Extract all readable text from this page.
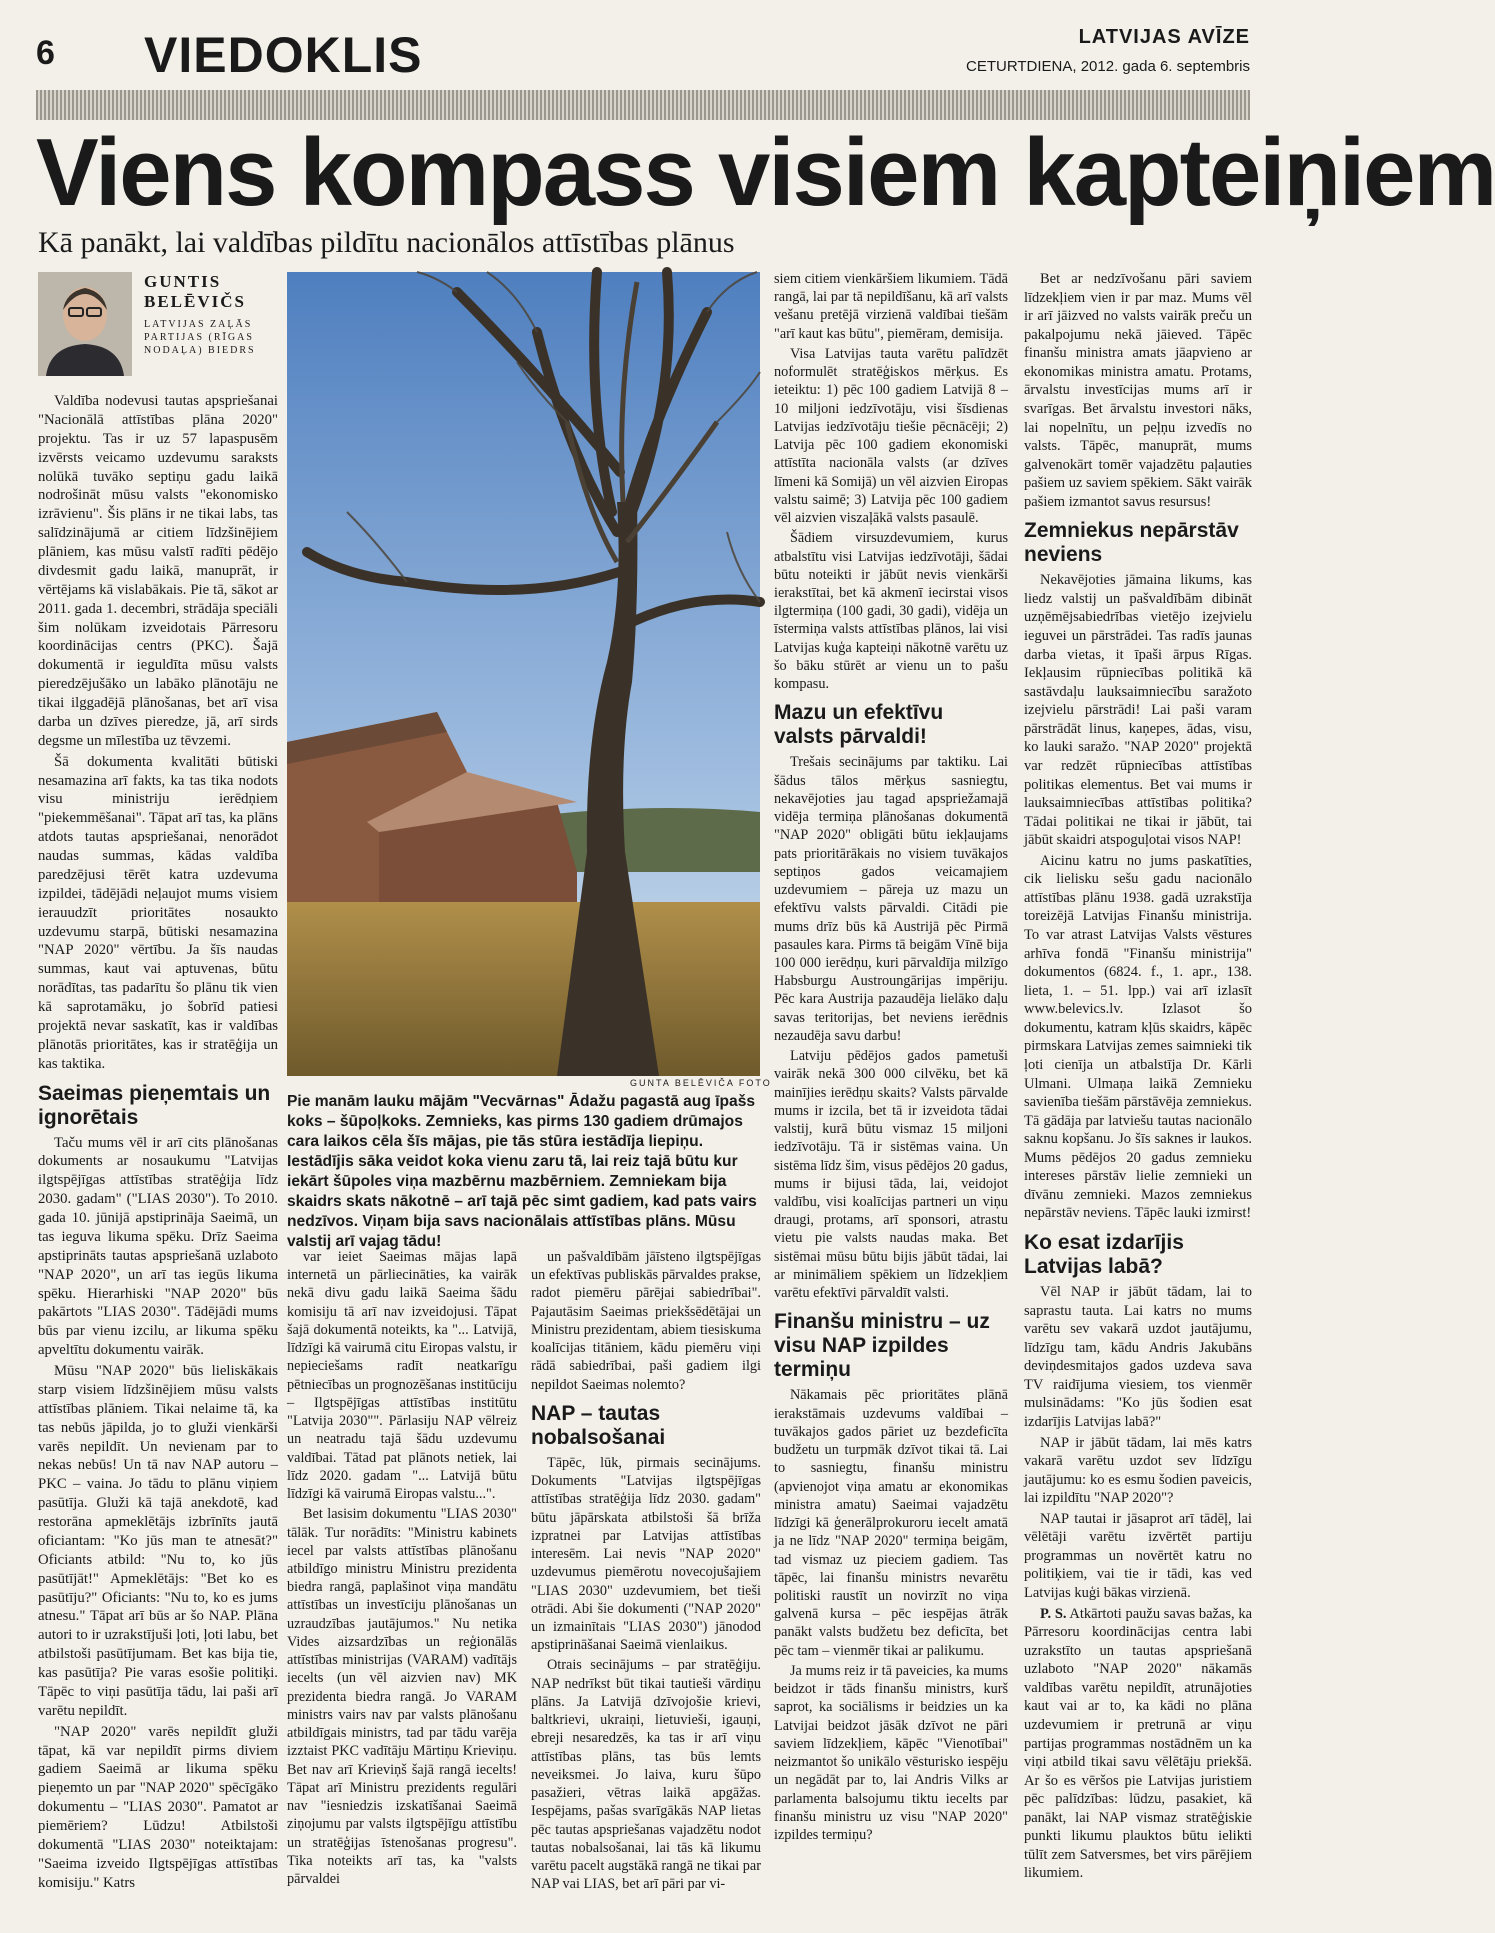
6 VIEDOKLIS	LATVIJAS AVĪZE
CETURTDIENA, 2012. gada 6. septembris
Viens kompass visiem kapteiņiem

Kā panākt, lai valdības pildītu nacionālos attīstības plānus

GUNTIS
BELĒVIČS
LATVIJAS ZAĻĀS PARTIJAS (RĪGAS NODAĻA) BIEDRS

Valdība nodevusi tautas apspriešanai "Nacionālā attīstības plāna 2020" projektu. Tas ir uz 57 lapaspusēm izvērsts veicamo uzdevumu saraksts nolūkā tuvāko septiņu gadu laikā nodrošināt mūsu valsts "ekonomisko izrāvienu". Šis plāns ir ne tikai labs, tas salīdzinājumā ar citiem līdzšinējiem plāniem, kas mūsu valstī radīti pēdējo divdesmit gadu laikā, manuprāt, ir vērtējams kā vislabākais. Pie tā, sākot ar 2011. gada 1. decembri, strādāja speciāli šim nolūkam izveidotais Pārresoru koordinācijas centrs (PKC). Šajā dokumentā ir ieguldīta mūsu valsts pieredzējušāko un labāko plānotāju ne tikai ilggadējā plānošanas, bet arī visa darba un dzīves pieredze, jā, arī sirds degsme un mīlestība uz tēvzemi.

Šā dokumenta kvalitāti būtiski nesamazina arī fakts, ka tas tika nodots visu ministriju ierēdņiem "piekemmēšanai". Tāpat arī tas, ka plāns atdots tautas apspriešanai, nenorādot naudas summas, kādas valdība paredzējusi tērēt katra uzdevuma izpildei, tādējādi neļaujot mums visiem ierauudzīt prioritātes nosaukto uzdevumu starpā, būtiski nesamazina "NAP 2020" vērtību. Ja šīs naudas summas, kaut vai aptuvenas, būtu norādītas, tas padarītu šo plānu tik vien kā saprotamāku, jo šobrīd patiesi projektā nevar saskatīt, kas ir valdības plānotās prioritātes, kas ir stratēģija un kas taktika.

Saeimas pieņemtais un ignorētais

Taču mums vēl ir arī cits plānošanas dokuments ar nosaukumu "Latvijas ilgtspējīgas attīstības stratēģija līdz 2030. gadam" ("LIAS 2030"). To 2010. gada 10. jūnijā apstiprināja Saeimā, un tas ieguva likuma spēku. Drīz Saeima apstiprināts tautas apspriešanā uzlaboto "NAP 2020", un arī tas iegūs likuma spēku. Hierarhiski "NAP 2020" būs pakārtots "LIAS 2030". Tādējādi mums būs par vienu izcilu, ar likuma spēku apveltītu dokumentu vairāk.

Mūsu "NAP 2020" būs lieliskākais starp visiem līdzšinējiem mūsu valsts attīstības plāniem. Tikai nelaime tā, ka tas nebūs jāpilda, jo to gluži vienkārši varēs nepildīt. Un nevienam par to nekas nebūs! Un tā nav NAP autoru – PKC – vaina. Jo tādu to plānu viņiem pasūtīja. Gluži kā tajā anekdotē, kad restorāna apmeklētājs izbrīnīts jautā oficiantam: "Ko jūs man te atnesāt?" Oficiants atbild: "Nu to, ko jūs pasūtījāt!" Apmeklētājs: "Bet ko es pasūtīju?" Oficiants: "Nu to, ko es jums atnesu." Tāpat arī būs ar šo NAP. Plāna autori to ir uzrakstījuši ļoti, ļoti labu, bet atbilstoši pasūtījumam. Bet kas bija tie, kas pasūtīja? Pie varas esošie politiķi. Tāpēc to viņi pasūtīja tādu, lai paši arī varētu nepildīt.

"NAP 2020" varēs nepildīt gluži tāpat, kā var nepildīt pirms diviem gadiem Saeimā ar likuma spēku pieņemto un par "NAP 2020" spēcīgāko dokumentu – "LIAS 2030". Pamatot ar piemēriem? Lūdzu! Atbilstoši dokumentā "LIAS 2030" noteiktajam: "Saeima izveido Ilgtspējīgas attīstības komisiju." Katrs

GUNTA BELĒVIČA FOTO
Pie manām lauku mājām "Vecvārnas" Ādažu pagastā aug īpašs koks – šūpoļkoks. Zemnieks, kas pirms 130 gadiem drūmajos cara laikos cēla šīs mājas, pie tās stūra iestādīja liepiņu. Iestādījis sāka veidot koka vienu zaru tā, lai reiz tajā būtu kur iekārt šūpoles viņa mazbērnu mazbērniem. Zemniekam bija skaidrs skats nākotnē – arī tajā pēc simt gadiem, kad pats vairs nedzīvos. Viņam bija savs nacionālais attīstības plāns. Mūsu valstij arī vajag tādu!

var ieiet Saeimas mājas lapā internetā un pārliecināties, ka vairāk nekā divu gadu laikā Saeima šādu komisiju tā arī nav izveidojusi. Tāpat šajā dokumentā noteikts, ka "... Latvijā, līdzīgi kā vairumā citu Eiropas valstu, ir nepieciešams radīt neatkarīgu pētniecības un prognozēšanas institūciju – Ilgtspējīgas attīstības institūtu "Latvija 2030"". Pārlasiju NAP vēlreiz un neatradu tajā šādu uzdevumu valdībai. Tātad pat plānots netiek, lai līdz 2020. gadam "... Latvijā būtu līdzīgi kā vairumā Eiropas valstu...".

Bet lasisim dokumentu "LIAS 2030" tālāk. Tur norādīts: "Ministru kabinets iecel par valsts attīstības plānošanu atbildīgo ministru Ministru prezidenta biedra rangā, paplašinot viņa mandātu attīstības un investīciju plānošanas un uzraudzības jautājumos." Nu netika Vides aizsardzības un reģionālās attīstības ministrijas (VARAM) vadītājs iecelts (un vēl aizvien nav) MK prezidenta biedra rangā. Jo VARAM ministrs vairs nav par valsts plānošanu atbildīgais ministrs, tad par tādu varēja izztaist PKC vadītāju Mārtiņu Krieviņu. Bet nav arī Krieviņš šajā rangā iecelts! Tāpat arī Ministru prezidents regulāri nav "iesniedzis izskatīšanai Saeimā ziņojumu par valsts ilgtspējīgu attīstību un stratēģijas īstenošanas progresu". Tika noteikts arī tas, ka "valsts pārvaldei

un pašvaldībām jāīsteno ilgtspējīgas un efektīvas publiskās pārvaldes prakse, radot piemēru pārējai sabiedrībai". Pajautāsim Saeimas priekšsēdētājai un Ministru prezidentam, abiem tiesiskuma koalīcijas titāniem, kādu piemēru viņi rādā sabiedrībai, paši gadiem ilgi nepildot Saeimas nolemto?

NAP – tautas nobalsošanai

Tāpēc, lūk, pirmais secinājums. Dokuments "Latvijas ilgtspējīgas attīstības stratēģija līdz 2030. gadam" būtu jāpārskata atbilstoši šā brīža izpratnei par Latvijas attīstības interesēm. Lai nevis "NAP 2020" uzdevumus piemērotu novecojušajiem "LIAS 2030" uzdevumiem, bet tieši otrādi. Abi šie dokumenti ("NAP 2020" un izmainītais "LIAS 2030") jānodod apstiprināšanai Saeimā vienlaikus.

Otrais secinājums – par stratēģiju. NAP nedrīkst būt tikai tautieši vārdiņu plāns. Ja Latvijā dzīvojošie krievi, baltkrievi, ukraiņi, lietuvieši, igauņi, ebreji nesaredzēs, ka tas ir arī viņu attīstības plāns, tas būs lemts neveiksmei. Jo laiva, kuru šūpo pasažieri, vētras laikā apgāžas. Iespējams, pašas svarīgākās NAP lietas pēc tautas apspriešanas vajadzētu nodot tautas nobalsošanai, lai tās kā likumu varētu pacelt augstākā rangā ne tikai par NAP vai LIAS, bet arī pāri par vi-

siem citiem vienkāršiem likumiem. Tādā rangā, lai par tā nepildīšanu, kā arī valsts vešanu pretējā virzienā valdībai tiešām "arī kaut kas būtu", piemēram, demisija.

Visa Latvijas tauta varētu palīdzēt noformulēt stratēģiskos mērķus. Es ieteiktu: 1) pēc 100 gadiem Latvijā 8 – 10 miljoni iedzīvotāju, visi šīsdienas Latvijas iedzīvotāju tiešie pēcnācēji; 2) Latvija pēc 100 gadiem ekonomiski attīstīta nacionāla valsts (ar dzīves līmeni kā Somijā) un vēl aizvien Eiropas valstu saimē; 3) Latvija pēc 100 gadiem vēl aizvien viszaļākā valsts pasaulē.

Šādiem virsuzdevumiem, kurus atbalstītu visi Latvijas iedzīvotāji, šādai būtu noteikti ir jābūt nevis vienkārši ierakstītai, bet kā akmenī iecirstai visos ilgtermiņa (100 gadi, 30 gadi), vidēja un īstermiņa valsts attīstības plānos, lai visi Latvijas kuģa kapteiņi nākotnē varētu uz šo bāku stūrēt ar vienu un to pašu kompasu.

Mazu un efektīvu valsts pārvaldi!

Trešais secinājums par taktiku. Lai šādus tālos mērķus sasniegtu, nekavējoties jau tagad apspriežamajā vidēja termiņa plānošanas dokumentā "NAP 2020" obligāti būtu iekļaujams pats prioritārākais no visiem tuvākajos septiņos gados veicamajiem uzdevumiem – pāreja uz mazu un efektīvu valsts pārvaldi. Citādi pie mums drīz būs kā Austrijā pēc Pirmā pasaules kara. Pirms tā beigām Vīnē bija 100 000 ierēdņu, kuri pārvaldīja milzīgo Habsburgu Austroungārijas impēriju. Pēc kara Austrija pazaudēja lielāko daļu savas teritorijas, bet neviens ierēdnis nezaudēja savu darbu!

Latviju pēdējos gados pametuši vairāk nekā 300 000 cilvēku, bet kā mainījies ierēdņu skaits? Valsts pārvalde mums ir izcila, bet tā ir izveidota tādai valstij, kurā būtu vismaz 15 miljoni iedzīvotāju. Tā ir sistēmas vaina. Un sistēma līdz šim, visus pēdējos 20 gadus, mums ir bijusi tāda, lai, veidojot valdību, visi koalīcijas partneri un viņu draugi, protams, arī sponsori, atrastu vietu pie valsts naudas maka. Bet sistēmai mūsu būtu bijis jābūt tādai, lai ar minimāliem spēkiem un līdzekļiem varētu efektīvi pārvaldīt valsti.

Finanšu ministru – uz visu NAP izpildes termiņu

Nākamais pēc prioritātes plānā ierakstāmais uzdevums valdībai – tuvākajos gados pāriet uz bezdeficīta budžetu un turpmāk dzīvot tikai tā. Lai to sasniegtu, finanšu ministru (apvienojot viņa amatu ar ekonomikas ministra amatu) Saeimai vajadzētu līdzīgi kā ģenerālprokuroru iecelt amatā ja ne līdz "NAP 2020" termiņa beigām, tad vismaz uz pieciem gadiem. Tas tāpēc, lai finanšu ministrs nevarētu politiski raustīt un novirzīt no viņa galvenā kursa – pēc iespējas ātrāk panākt valsts budžetu bez deficīta, bet pēc tam – vienmēr tikai ar palikumu.

Ja mums reiz ir tā paveicies, ka mums beidzot ir tāds finanšu ministrs, kurš saprot, ka sociālisms ir beidzies un ka Latvijai beidzot jāsāk dzīvot ne pāri saviem līdzekļiem, kāpēc "Vienotībai" neizmantot šo unikālo vēsturisko iespēju un negādāt par to, lai Andris Vilks ar parlamenta balsojumu tiktu iecelts par finanšu ministru uz visu "NAP 2020" izpildes termiņu?

Bet ar nedzīvošanu pāri saviem līdzekļiem vien ir par maz. Mums vēl ir arī jāizved no valsts vairāk preču un pakalpojumu nekā jāieved. Tāpēc finanšu ministra amats jāapvieno ar ekonomikas ministra amatu. Protams, ārvalstu investīcijas mums arī ir svarīgas. Bet ārvalstu investori nāks, lai nopelnītu, un peļņu izvedīs no valsts. Tāpēc, manuprāt, mums galvenokārt tomēr vajadzētu paļauties pašiem uz saviem spēkiem. Sākt vairāk pašiem izmantot savus resursus!

Zemniekus nepārstāv neviens

Nekavējoties jāmaina likums, kas liedz valstij un pašvaldībām dibināt uzņēmējsabiedrības vietējo izejvielu ieguvei un pārstrādei. Tas radīs jaunas darba vietas, it īpaši ārpus Rīgas. Iekļausim rūpniecības politikā kā sastāvdaļu lauksaimniecību saražoto izejvielu pārstrādi! Lai paši varam pārstrādāt linus, kaņepes, ādas, visu, ko lauki saražo. "NAP 2020" projektā var redzēt rūpniecības attīstības politikas elementus. Bet vai mums ir lauksaimniecības attīstības politika? Tādai politikai ne tikai ir jābūt, tai jābūt skaidri atspoguļotai visos NAP!

Aicinu katru no jums paskatīties, cik lielisku sešu gadu nacionālo attīstības plānu 1938. gadā uzrakstīja toreizējā Latvijas Finanšu ministrija. To var atrast Latvijas Valsts vēstures arhīva fondā "Finanšu ministrija" dokumentos (6824. f., 1. apr., 138. lieta, 1. – 51. lpp.) vai arī izlasīt www.belevics.lv. Izlasot šo dokumentu, katram kļūs skaidrs, kāpēc pirmskara Latvijas zemes saimnieki tik ļoti cienīja un atbalstīja Dr. Kārli Ulmani. Ulmaņa laikā Zemnieku savienība tiešām pārstāvēja zemniekus. Tā gādāja par latviešu tautas nacionālo saknu kopšanu. Jo šīs saknes ir laukos. Mums pēdējos 20 gadus zemnieku intereses pārstāv lielie zemnieki un dīvānu zemnieki. Mazos zemniekus nepārstāv neviens. Tāpēc lauki izmirst!

Ko esat izdarījis Latvijas labā?

Vēl NAP ir jābūt tādam, lai to saprastu tauta. Lai katrs no mums varētu sev vakarā uzdot jautājumu, līdzīgu tam, kādu Andris Jakubāns deviņdesmitajos gados uzdeva sava TV raidījuma viesiem, tos vienmēr mulsinādams: "Ko jūs šodien esat izdarījis Latvijas labā?"

NAP ir jābūt tādam, lai mēs katrs vakarā varētu uzdot sev līdzīgu jautājumu: ko es esmu šodien paveicis, lai izpildītu "NAP 2020"?

NAP tautai ir jāsaprot arī tādēļ, lai vēlētāji varētu izvērtēt partiju programmas un novērtēt katru no politiķiem, vai tie ir tādi, kas ved Latvijas kuģi bākas virzienā.

P. S. Atkārtoti paužu savas bažas, ka Pārresoru koordinācijas centra labi uzrakstīto un tautas apspriešanā uzlaboto "NAP 2020" nākamās valdības varētu nepildīt, atrunājoties kaut vai ar to, ka kādi no plāna uzdevumiem ir pretrunā ar viņu partijas programmas nostādnēm un ka viņi atbild tikai savu vēlētāju priekšā. Ar šo es vēršos pie Latvijas juristiem pēc palīdzības: lūdzu, pasakiet, kā panākt, lai NAP vismaz stratēģiskie punkti likumu plauktos būtu ielikti tūlīt zem Satversmes, bet virs pārējiem likumiem.
